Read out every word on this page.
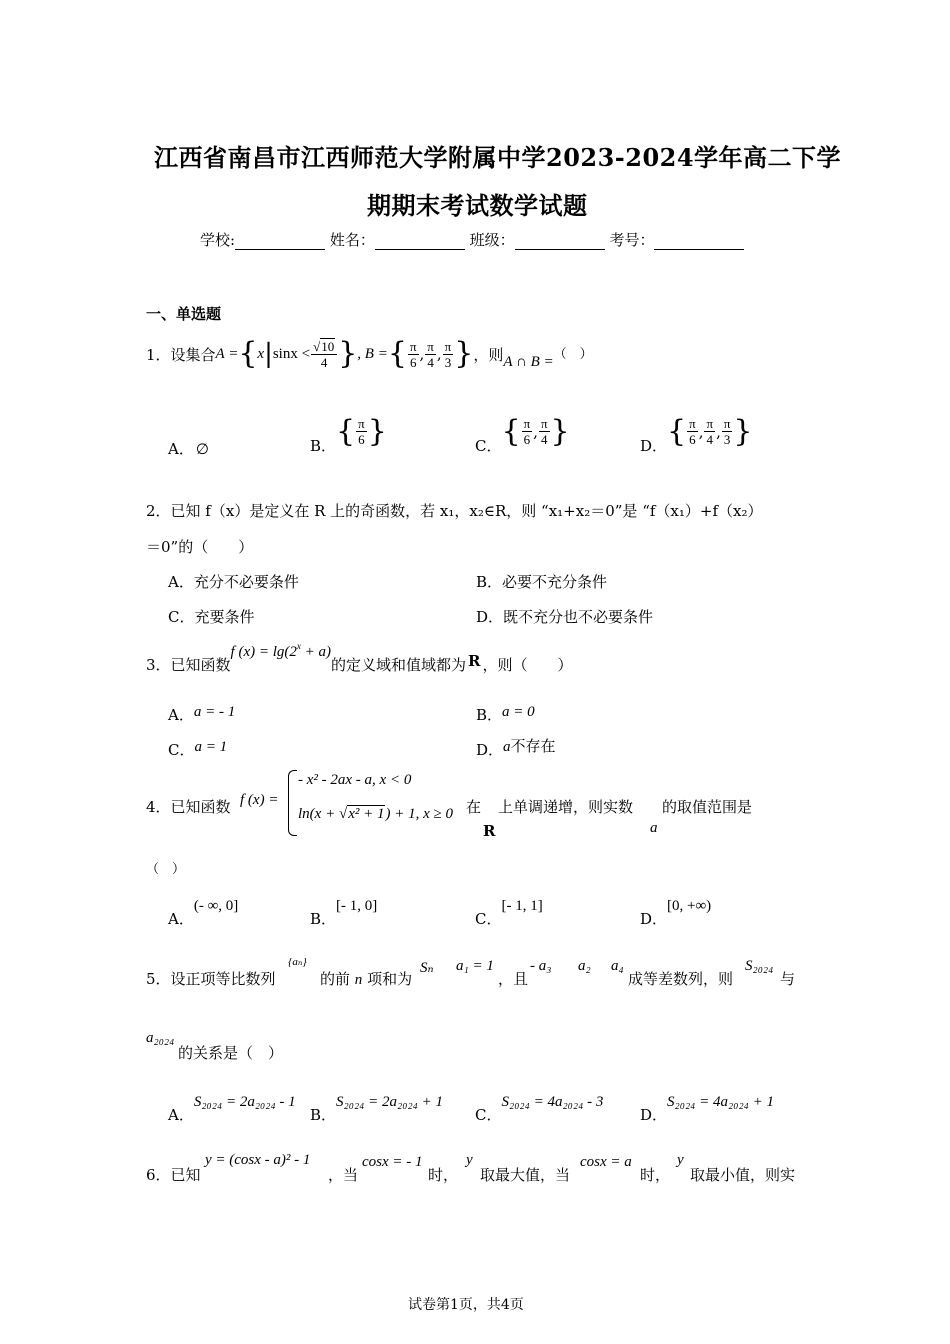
江西省南昌市江西师范大学附属中学2023-2024学年高二下学
期期末考试数学试题
学校:	姓名：	班级：	考号：
一、单选题
1．设集合 A = { x | $\sin x < \frac{√10}{4}$ } , B = { $\frac{\pi}{6}$ , $\frac{\pi}{4}$ , $\frac{\pi}{3}$ } ，则 A ∩ B = （　）
A． ∅	B． { $\frac{\pi}{6}$ }	C． { $\frac{\pi}{6}$ , $\frac{\pi}{4}$ }	D． { $\frac{\pi}{6}$ , $\frac{\pi}{4}$ , $\frac{\pi}{3}$ }
2．已知 f（x）是定义在 R 上的奇函数，若 x₁，x₂∈R，则 “x₁+x₂＝0”是 “f（x₁）+f（x₂）
＝0”的（　　）
A．充分不必要条件	B．必要不充分条件
C．充要条件	D．既不充分也不必要条件
3．已知函数
f $(x) = \lg(2^x + a)$
的定义域和值域都为 R ，则（　　）
A．a = - 1	B．a = 0
C．a = 1	D．a不存在
4．已知函数 f (x) =
- x² - 2ax - a, x < 0
ln(x + √x² + 1) + 1, x ≥ 0 在
R
上单调递增，则实数
a
的取值范围是
（　）
A．(- ∞, 0]
B．[- 1, 0]
C．[- 1, 1]
D．[0, +∞)
5．设正项等比数列
{aₙ}
的前 n 项和为
Sₙ a₁ = 1
，且
- a₃ a₂ a₄
成等差数列，则
S₂₀₂₄
与
a₂₀₂₄
的关系是（　）
A．S₂₀₂₄ = 2a₂₀₂₄ - 1
B．S₂₀₂₄ = 2a₂₀₂₄ + 1
C．S₂₀₂₄ = 4a₂₀₂₄ - 3
D．S₂₀₂₄ = 4a₂₀₂₄ + 1
6．已知
y = (cosx - a)² - 1
，当
cosx = - 1
时，
y
取最大值，当
cosx = a
时，
y
取最小值，则实
试卷第1页，共4页
